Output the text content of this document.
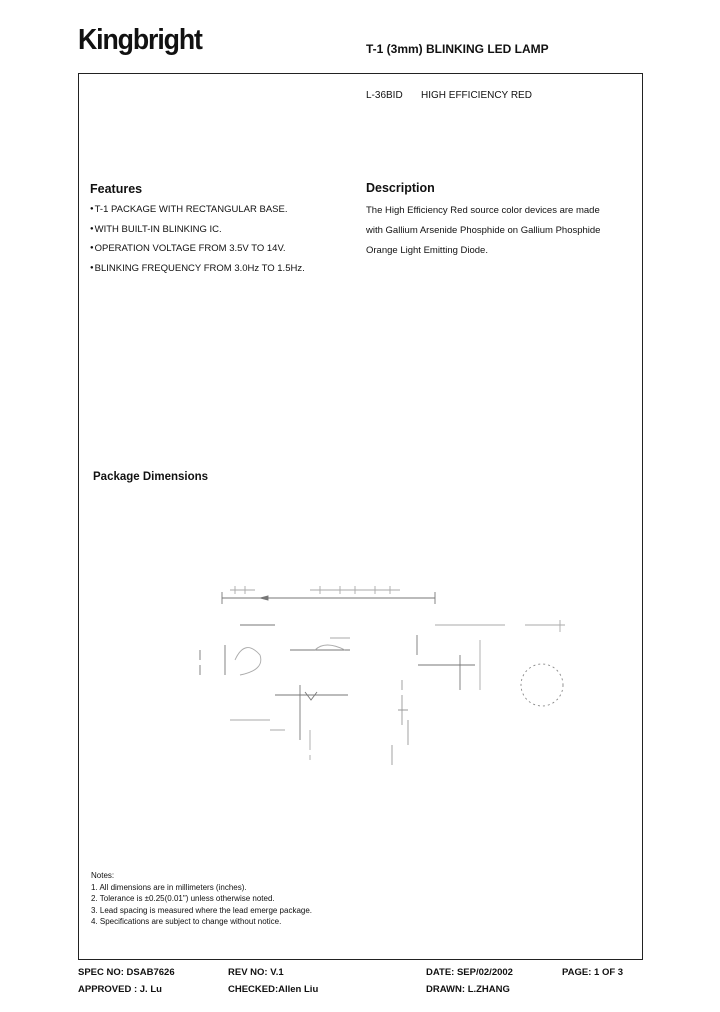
Kingbright	T-1 (3mm) BLINKING LED LAMP
L-36BID HIGH EFFICIENCY RED
Features
● T-1 PACKAGE WITH RECTANGULAR BASE.
● WITH BUILT-IN BLINKING IC.
● OPERATION VOLTAGE FROM 3.5V TO 14V.
● BLINKING FREQUENCY FROM 3.0Hz TO 1.5Hz.
Description
The High Efficiency Red source color devices are made
with Gallium Arsenide Phosphide on Gallium Phosphide
Orange Light Emitting Diode.
Package Dimensions
Notes:
1. All dimensions are in millimeters (inches).
2. Tolerance is ±0.25(0.01") unless otherwise noted.
3. Lead spacing is measured where the lead emerge package.
4. Specifications are subject to change without notice.
SPEC NO: DSAB7626	REV NO: V.1	DATE: SEP/02/2002	PAGE: 1 OF 3
APPROVED : J. Lu	CHECKED:Allen Liu	DRAWN: L.ZHANG
